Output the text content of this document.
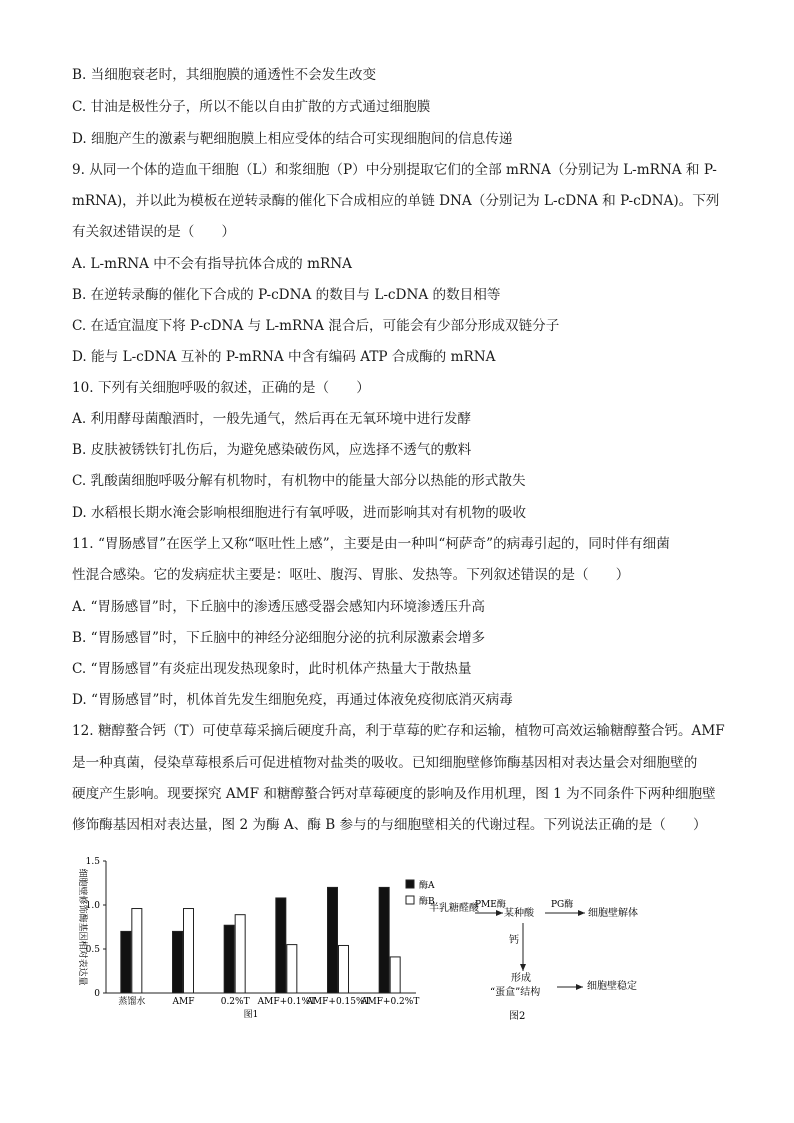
B. 当细胞衰老时，其细胞膜的通透性不会发生改变
C. 甘油是极性分子，所以不能以自由扩散的方式通过细胞膜
D. 细胞产生的激素与靶细胞膜上相应受体的结合可实现细胞间的信息传递
9. 从同一个体的造血干细胞（L）和浆细胞（P）中分别提取它们的全部 mRNA（分别记为 L-mRNA 和 P-
mRNA)，并以此为模板在逆转录酶的催化下合成相应的单链 DNA（分别记为 L-cDNA 和 P-cDNA)。下列
有关叙述错误的是（　　）
A. L-mRNA 中不会有指导抗体合成的 mRNA
B. 在逆转录酶的催化下合成的 P-cDNA 的数目与 L-cDNA 的数目相等
C. 在适宜温度下将 P-cDNA 与 L-mRNA 混合后，可能会有少部分形成双链分子
D. 能与 L-cDNA 互补的 P-mRNA 中含有编码 ATP 合成酶的 mRNA
10. 下列有关细胞呼吸的叙述，正确的是（　　）
A. 利用酵母菌酿酒时，一般先通气，然后再在无氧环境中进行发酵
B. 皮肤被锈铁钉扎伤后，为避免感染破伤风，应选择不透气的敷料
C. 乳酸菌细胞呼吸分解有机物时，有机物中的能量大部分以热能的形式散失
D. 水稻根长期水淹会影响根细胞进行有氧呼吸，进而影响其对有机物的吸收
11. “胃肠感冒”在医学上又称“呕吐性上感”，主要是由一种叫“柯萨奇”的病毒引起的，同时伴有细菌
性混合感染。它的发病症状主要是：呕吐、腹泻、胃胀、发热等。下列叙述错误的是（　　）
A. “胃肠感冒”时，下丘脑中的渗透压感受器会感知内环境渗透压升高
B. “胃肠感冒”时，下丘脑中的神经分泌细胞分泌的抗利尿激素会增多
C. “胃肠感冒”有炎症出现发热现象时，此时机体产热量大于散热量
D. “胃肠感冒”时，机体首先发生细胞免疫，再通过体液免疫彻底消灭病毒
12. 糖醇螯合钙（T）可使草莓采摘后硬度升高，利于草莓的贮存和运输，植物可高效运输糖醇螯合钙。AMF
是一种真菌，侵染草莓根系后可促进植物对盐类的吸收。已知细胞壁修饰酶基因相对表达量会对细胞壁的
硬度产生影响。现要探究 AMF 和糖醇螯合钙对草莓硬度的影响及作用机理，图 1 为不同条件下两种细胞壁
修饰酶基因相对表达量，图 2 为酶 A、酶 B 参与的与细胞壁相关的代谢过程。下列说法正确的是（　　）
0
0.5
1.0
1.5
细胞壁修饰酶基因相对表达量
蒸馏水	AMF	0.2%T AMF+0.1%T
AMF+0.15%T
AMF+0.2%T
酶A
酶B
图1
半乳糖醛酸
PME酶
某种酸
PG酶
细胞壁解体
钙
形成
“蛋盒”结构
细胞壁稳定
图2
